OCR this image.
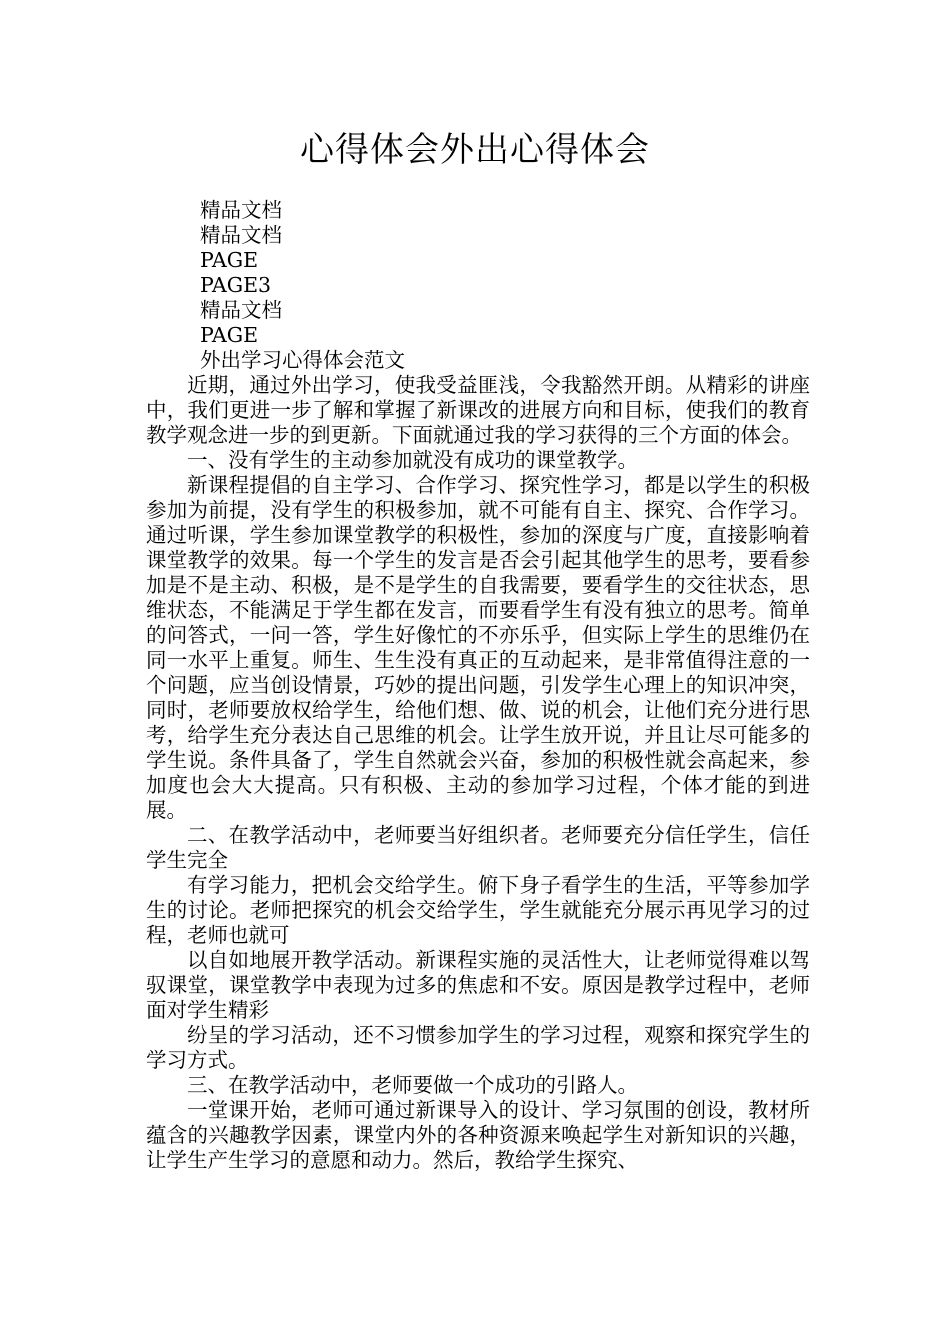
心得体会外出心得体会

精品文档

精品文档

PAGE

PAGE3

精品文档

PAGE

外出学习心得体会范文

近期，通过外出学习，使我受益匪浅，令我豁然开朗。从精彩的讲座中，我们更进一步了解和掌握了新课改的进展方向和目标，使我们的教育教学观念进一步的到更新。下面就通过我的学习获得的三个方面的体会。

一、没有学生的主动参加就没有成功的课堂教学。

新课程提倡的自主学习、合作学习、探究性学习，都是以学生的积极参加为前提，没有学生的积极参加，就不可能有自主、探究、合作学习。通过听课，学生参加课堂教学的积极性，参加的深度与广度，直接影响着课堂教学的效果。每一个学生的发言是否会引起其他学生的思考，要看参加是不是主动、积极，是不是学生的自我需要，要看学生的交往状态，思维状态，不能满足于学生都在发言，而要看学生有没有独立的思考。简单的问答式，一问一答，学生好像忙的不亦乐乎，但实际上学生的思维仍在同一水平上重复。师生、生生没有真正的互动起来，是非常值得注意的一个问题，应当创设情景，巧妙的提出问题，引发学生心理上的知识冲突，同时，老师要放权给学生，给他们想、做、说的机会，让他们充分进行思考，给学生充分表达自己思维的机会。让学生放开说，并且让尽可能多的学生说。条件具备了，学生自然就会兴奋，参加的积极性就会高起来，参加度也会大大提高。只有积极、主动的参加学习过程，个体才能的到进展。

二、在教学活动中，老师要当好组织者。老师要充分信任学生，信任学生完全

有学习能力，把机会交给学生。俯下身子看学生的生活，平等参加学生的讨论。老师把探究的机会交给学生，学生就能充分展示再见学习的过程，老师也就可

以自如地展开教学活动。新课程实施的灵活性大，让老师觉得难以驾驭课堂，课堂教学中表现为过多的焦虑和不安。原因是教学过程中，老师面对学生精彩

纷呈的学习活动，还不习惯参加学生的学习过程，观察和探究学生的学习方式。

三、在教学活动中，老师要做一个成功的引路人。

一堂课开始，老师可通过新课导入的设计、学习氛围的创设，教材所蕴含的兴趣教学因素，课堂内外的各种资源来唤起学生对新知识的兴趣，让学生产生学习的意愿和动力。然后，教给学生探究、
